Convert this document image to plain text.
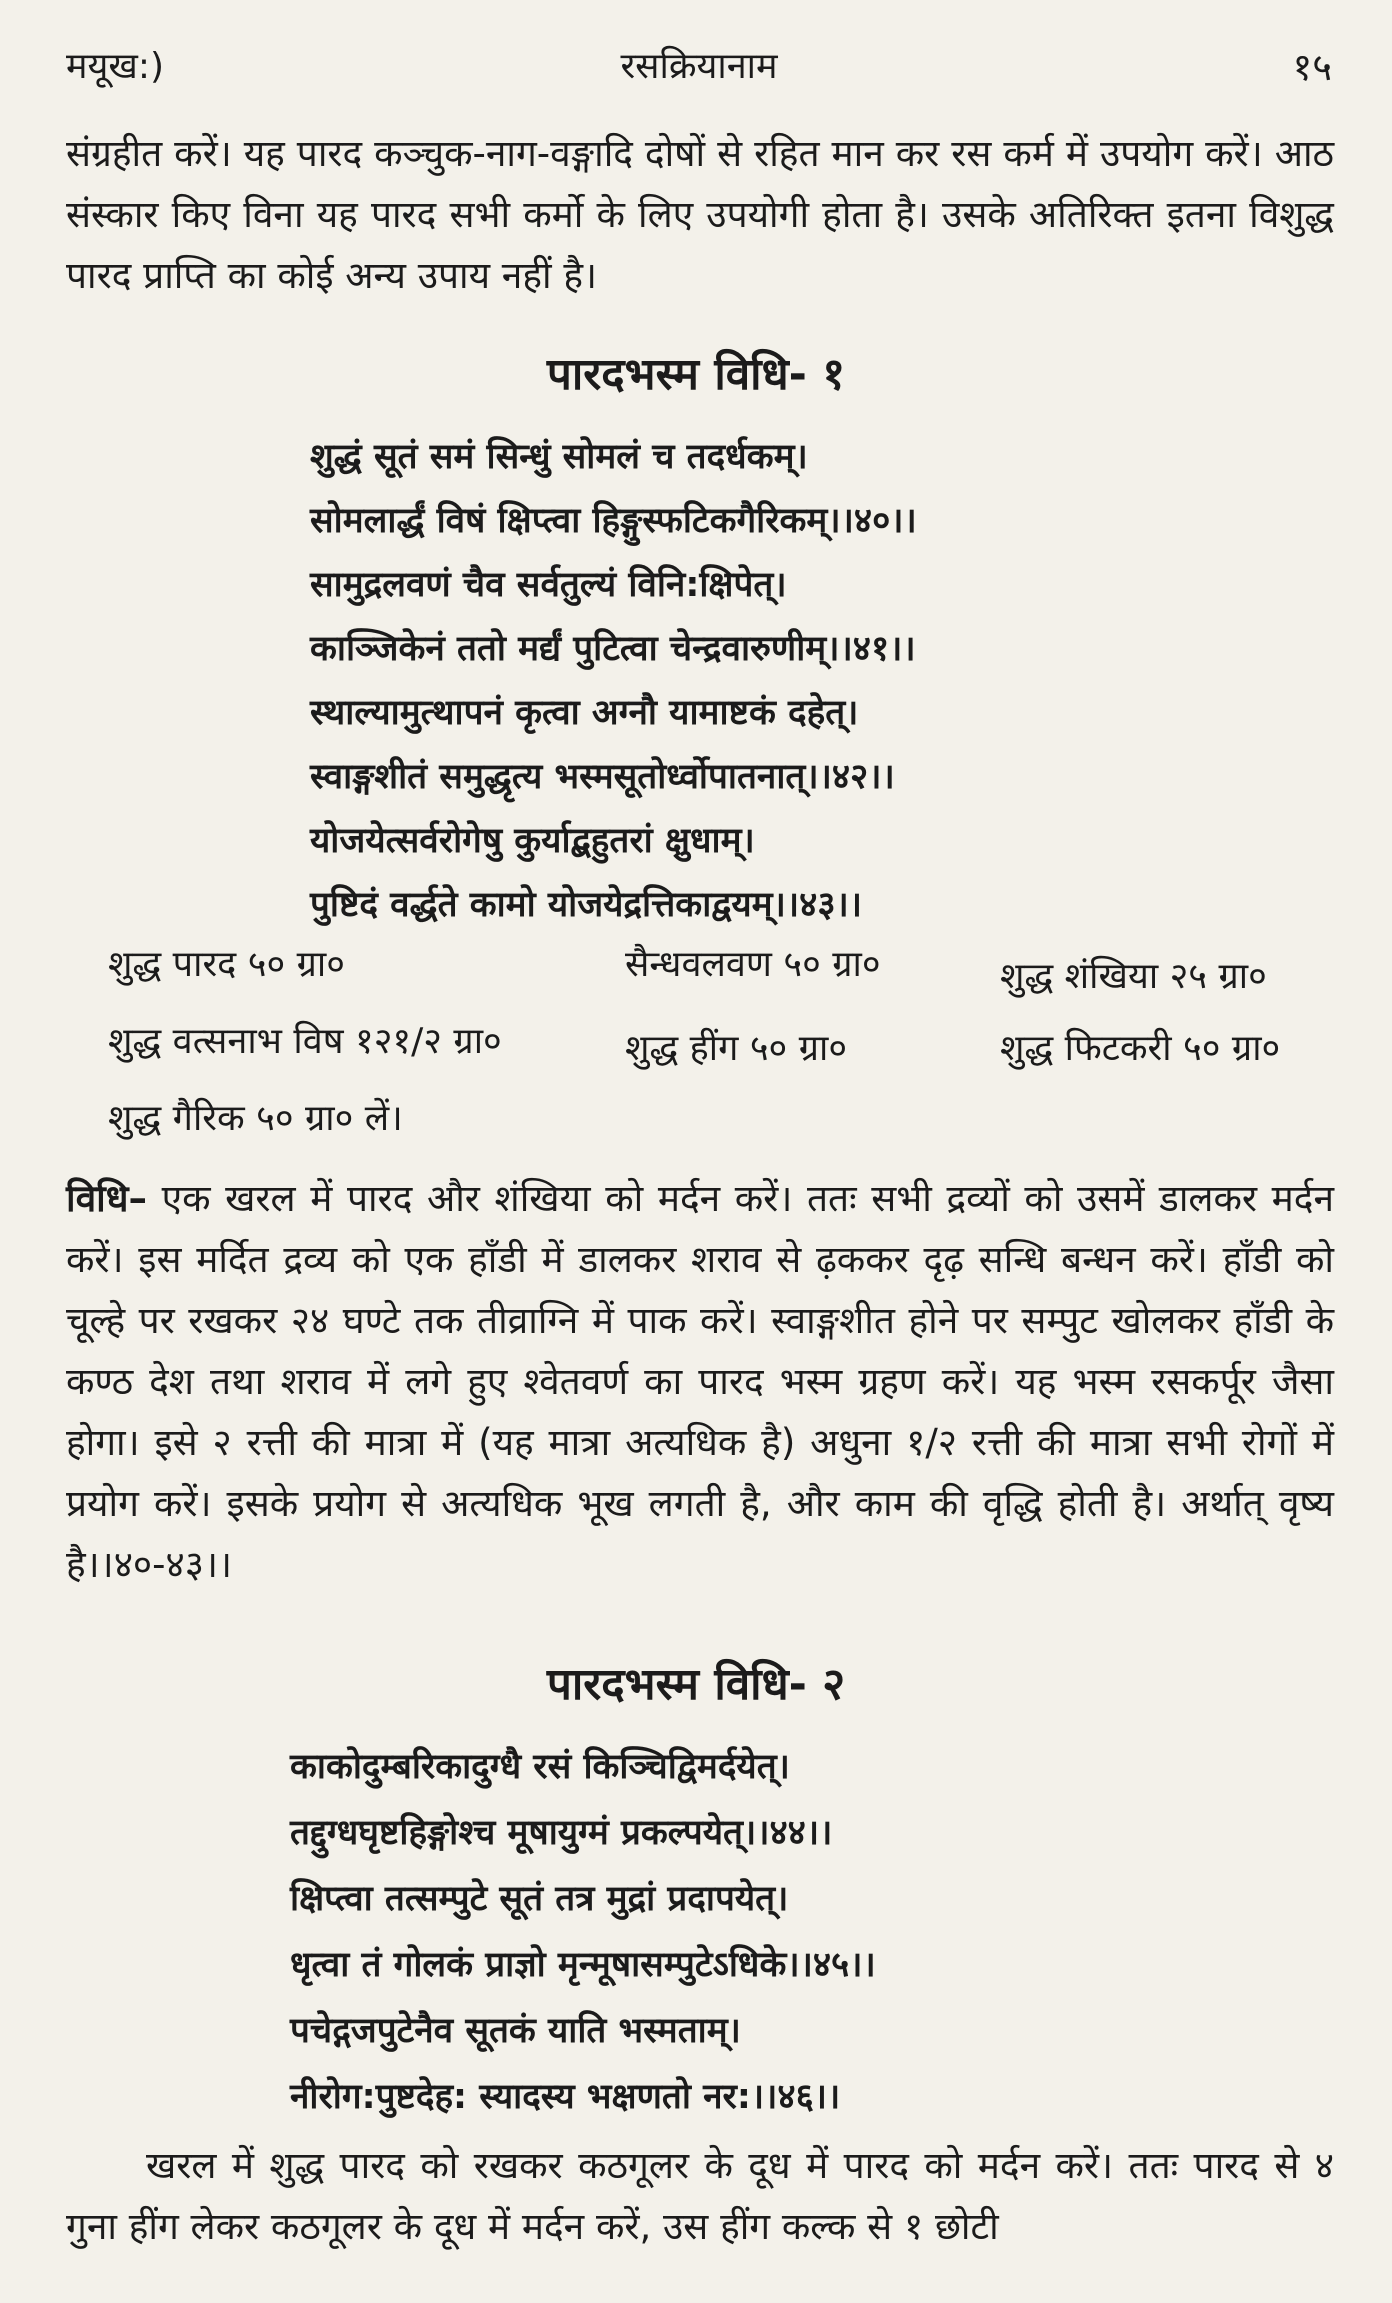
रसक्रियानाम
मयूख:)	१५

संग्रहीत करें। यह पारद कञ्चुक-नाग-वङ्गादि दोषों से रहित मान कर रस कर्म में उपयोग करें। आठ संस्कार किए विना यह पारद सभी कर्मो के लिए उपयोगी होता है। उसके अतिरिक्त इतना विशुद्ध पारद प्राप्ति का कोई अन्य उपाय नहीं है।

पारदभस्म विधि- १

शुद्धं सूतं समं सिन्धुं सोमलं च तदर्धकम्।

सोमलार्द्धं विषं क्षिप्त्वा हिङ्गुस्फटिकगैरिकम्।।४०।।

सामुद्रलवणं चैव सर्वतुल्यं विनि:क्षिपेत्।

काञ्जिकेनं ततो मर्द्यं पुटित्वा चेन्द्रवारुणीम्।।४१।।

स्थाल्यामुत्थापनं कृत्वा अग्नौ यामाष्टकं दहेत्।

स्वाङ्गशीतं समुद्धृत्य भस्मसूतोर्ध्वोपातनात्।।४२।।

योजयेत्सर्वरोगेषु कुर्याद्बहुतरां क्षुधाम्।

पुष्टिदं वर्द्धते कामो योजयेद्रत्तिकाद्वयम्।।४३।।

शुद्ध पारद ५० ग्रा०	सैन्धवलवण ५० ग्रा०	शुद्ध शंखिया २५ ग्रा०
शुद्ध वत्सनाभ विष १२१/२ ग्रा०	शुद्ध हींग ५० ग्रा०	शुद्ध फिटकरी ५० ग्रा०
शुद्ध गैरिक ५० ग्रा० लें।

विधि– एक खरल में पारद और शंखिया को मर्दन करें। ततः सभी द्रव्यों को उसमें डालकर मर्दन करें। इस मर्दित द्रव्य को एक हाँडी में डालकर शराव से ढ़ककर दृढ़ सन्धि बन्धन करें। हाँडी को चूल्हे पर रखकर २४ घण्टे तक तीव्राग्नि में पाक करें। स्वाङ्गशीत होने पर सम्पुट खोलकर हाँडी के कण्ठ देश तथा शराव में लगे हुए श्वेतवर्ण का पारद भस्म ग्रहण करें। यह भस्म रसकर्पूर जैसा होगा। इसे २ रत्ती की मात्रा में (यह मात्रा अत्यधिक है) अधुना १/२ रत्ती की मात्रा सभी रोगों में प्रयोग करें। इसके प्रयोग से अत्यधिक भूख लगती है, और काम की वृद्धि होती है। अर्थात् वृष्य है।।४०-४३।।

पारदभस्म विधि- २

काकोदुम्बरिकादुग्धै रसं किञ्चिद्विमर्दयेत्।

तद्दुग्धघृष्टहिङ्गोश्च मूषायुग्मं प्रकल्पयेत्।।४४।।

क्षिप्त्वा तत्सम्पुटे सूतं तत्र मुद्रां प्रदापयेत्।

धृत्वा तं गोलकं प्राज्ञो मृन्मूषासम्पुटेऽधिके।।४५।।

पचेद्गजपुटेनैव सूतकं याति भस्मताम्।

नीरोग:पुष्टदेह: स्यादस्य भक्षणतो नर:।।४६।।

खरल में शुद्ध पारद को रखकर कठगूलर के दूध में पारद को मर्दन करें। ततः पारद से ४ गुना हींग लेकर कठगूलर के दूध में मर्दन करें, उस हींग कल्क से १ छोटी
